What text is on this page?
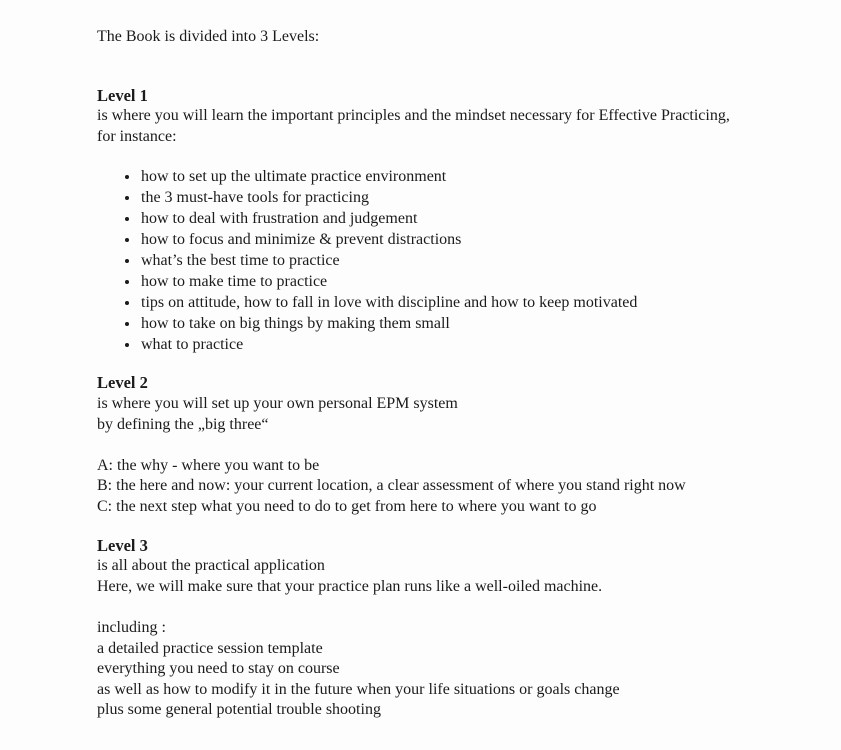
The Book is divided into 3 Levels:

Level 1

is where you will learn the important principles and the mindset necessary for Effective Practicing, for instance:

• how to set up the ultimate practice environment
• the 3 must-have tools for practicing
• how to deal with frustration and judgement
• how to focus and minimize & prevent distractions
• what’s the best time to practice
• how to make time to practice
• tips on attitude, how to fall in love with discipline and how to keep motivated
• how to take on big things by making them small
• what to practice
Level 2

is where you will set up your own personal EPM system

by defining the „big three“

A: the why - where you want to be

B: the here and now: your current location, a clear assessment of where you stand right now

C: the next step what you need to do to get from here to where you want to go

Level 3

is all about the practical application

Here, we will make sure that your practice plan runs like a well-oiled machine.

including :

a detailed practice session template

everything you need to stay on course

as well as how to modify it in the future when your life situations or goals change

plus some general potential trouble shooting
